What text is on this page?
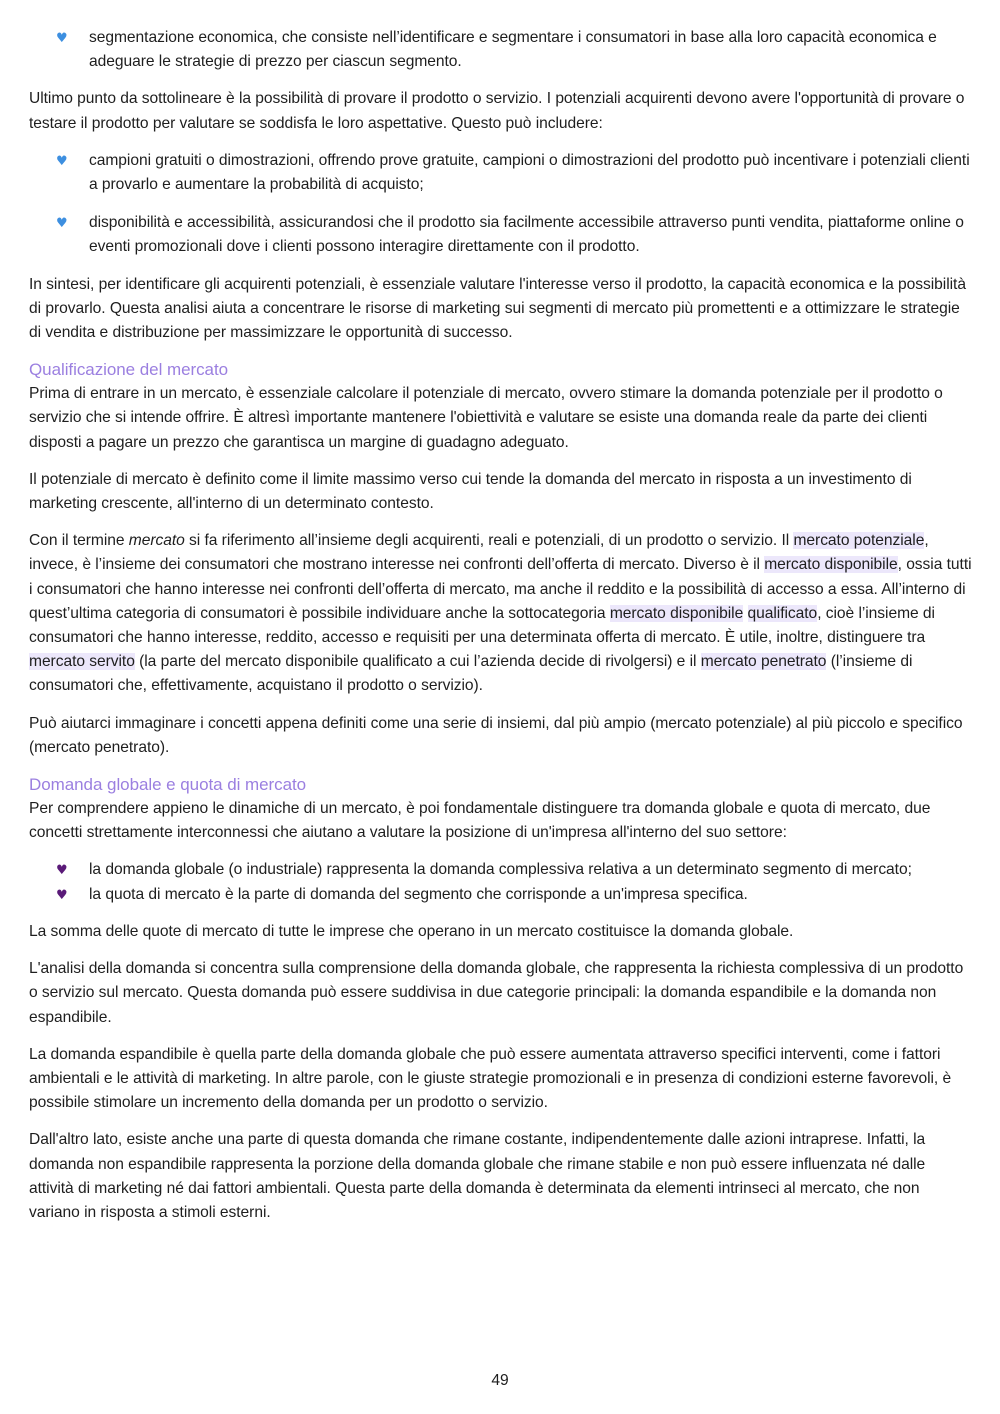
♥ segmentazione economica, che consiste nell’identificare e segmentare i consumatori in base alla loro capacità economica e adeguare le strategie di prezzo per ciascun segmento.

Ultimo punto da sottolineare è la possibilità di provare il prodotto o servizio. I potenziali acquirenti devono avere l'opportunità di provare o testare il prodotto per valutare se soddisfa le loro aspettative. Questo può includere:

♥ campioni gratuiti o dimostrazioni, offrendo prove gratuite, campioni o dimostrazioni del prodotto può incentivare i potenziali clienti a provarlo e aumentare la probabilità di acquisto;
♥ disponibilità e accessibilità, assicurandosi che il prodotto sia facilmente accessibile attraverso punti vendita, piattaforme online o eventi promozionali dove i clienti possono interagire direttamente con il prodotto.

In sintesi, per identificare gli acquirenti potenziali, è essenziale valutare l'interesse verso il prodotto, la capacità economica e la possibilità di provarlo. Questa analisi aiuta a concentrare le risorse di marketing sui segmenti di mercato più promettenti e a ottimizzare le strategie di vendita e distribuzione per massimizzare le opportunità di successo.

Qualificazione del mercato

Prima di entrare in un mercato, è essenziale calcolare il potenziale di mercato, ovvero stimare la domanda potenziale per il prodotto o servizio che si intende offrire. È altresì importante mantenere l'obiettività e valutare se esiste una domanda reale da parte dei clienti disposti a pagare un prezzo che garantisca un margine di guadagno adeguato.

Il potenziale di mercato è definito come il limite massimo verso cui tende la domanda del mercato in risposta a un investimento di marketing crescente, all'interno di un determinato contesto.

Con il termine mercato si fa riferimento all’insieme degli acquirenti, reali e potenziali, di un prodotto o servizio. Il mercato potenziale, invece, è l’insieme dei consumatori che mostrano interesse nei confronti dell’offerta di mercato. Diverso è il mercato disponibile, ossia tutti i consumatori che hanno interesse nei confronti dell’offerta di mercato, ma anche il reddito e la possibilità di accesso a essa. All’interno di quest’ultima categoria di consumatori è possibile individuare anche la sottocategoria mercato disponibile qualificato, cioè l’insieme di consumatori che hanno interesse, reddito, accesso e requisiti per una determinata offerta di mercato. È utile, inoltre, distinguere tra mercato servito (la parte del mercato disponibile qualificato a cui l’azienda decide di rivolgersi) e il mercato penetrato (l’insieme di consumatori che, effettivamente, acquistano il prodotto o servizio).

Può aiutarci immaginare i concetti appena definiti come una serie di insiemi, dal più ampio (mercato potenziale) al più piccolo e specifico (mercato penetrato).

Domanda globale e quota di mercato

Per comprendere appieno le dinamiche di un mercato, è poi fondamentale distinguere tra domanda globale e quota di mercato, due concetti strettamente interconnessi che aiutano a valutare la posizione di un'impresa all'interno del suo settore:

♥ la domanda globale (o industriale) rappresenta la domanda complessiva relativa a un determinato segmento di mercato;
♥ la quota di mercato è la parte di domanda del segmento che corrisponde a un'impresa specifica.

La somma delle quote di mercato di tutte le imprese che operano in un mercato costituisce la domanda globale.

L'analisi della domanda si concentra sulla comprensione della domanda globale, che rappresenta la richiesta complessiva di un prodotto o servizio sul mercato. Questa domanda può essere suddivisa in due categorie principali: la domanda espandibile e la domanda non espandibile.

La domanda espandibile è quella parte della domanda globale che può essere aumentata attraverso specifici interventi, come i fattori ambientali e le attività di marketing. In altre parole, con le giuste strategie promozionali e in presenza di condizioni esterne favorevoli, è possibile stimolare un incremento della domanda per un prodotto o servizio.

Dall'altro lato, esiste anche una parte di questa domanda che rimane costante, indipendentemente dalle azioni intraprese. Infatti, la domanda non espandibile rappresenta la porzione della domanda globale che rimane stabile e non può essere influenzata né dalle attività di marketing né dai fattori ambientali. Questa parte della domanda è determinata da elementi intrinseci al mercato, che non variano in risposta a stimoli esterni.

49
